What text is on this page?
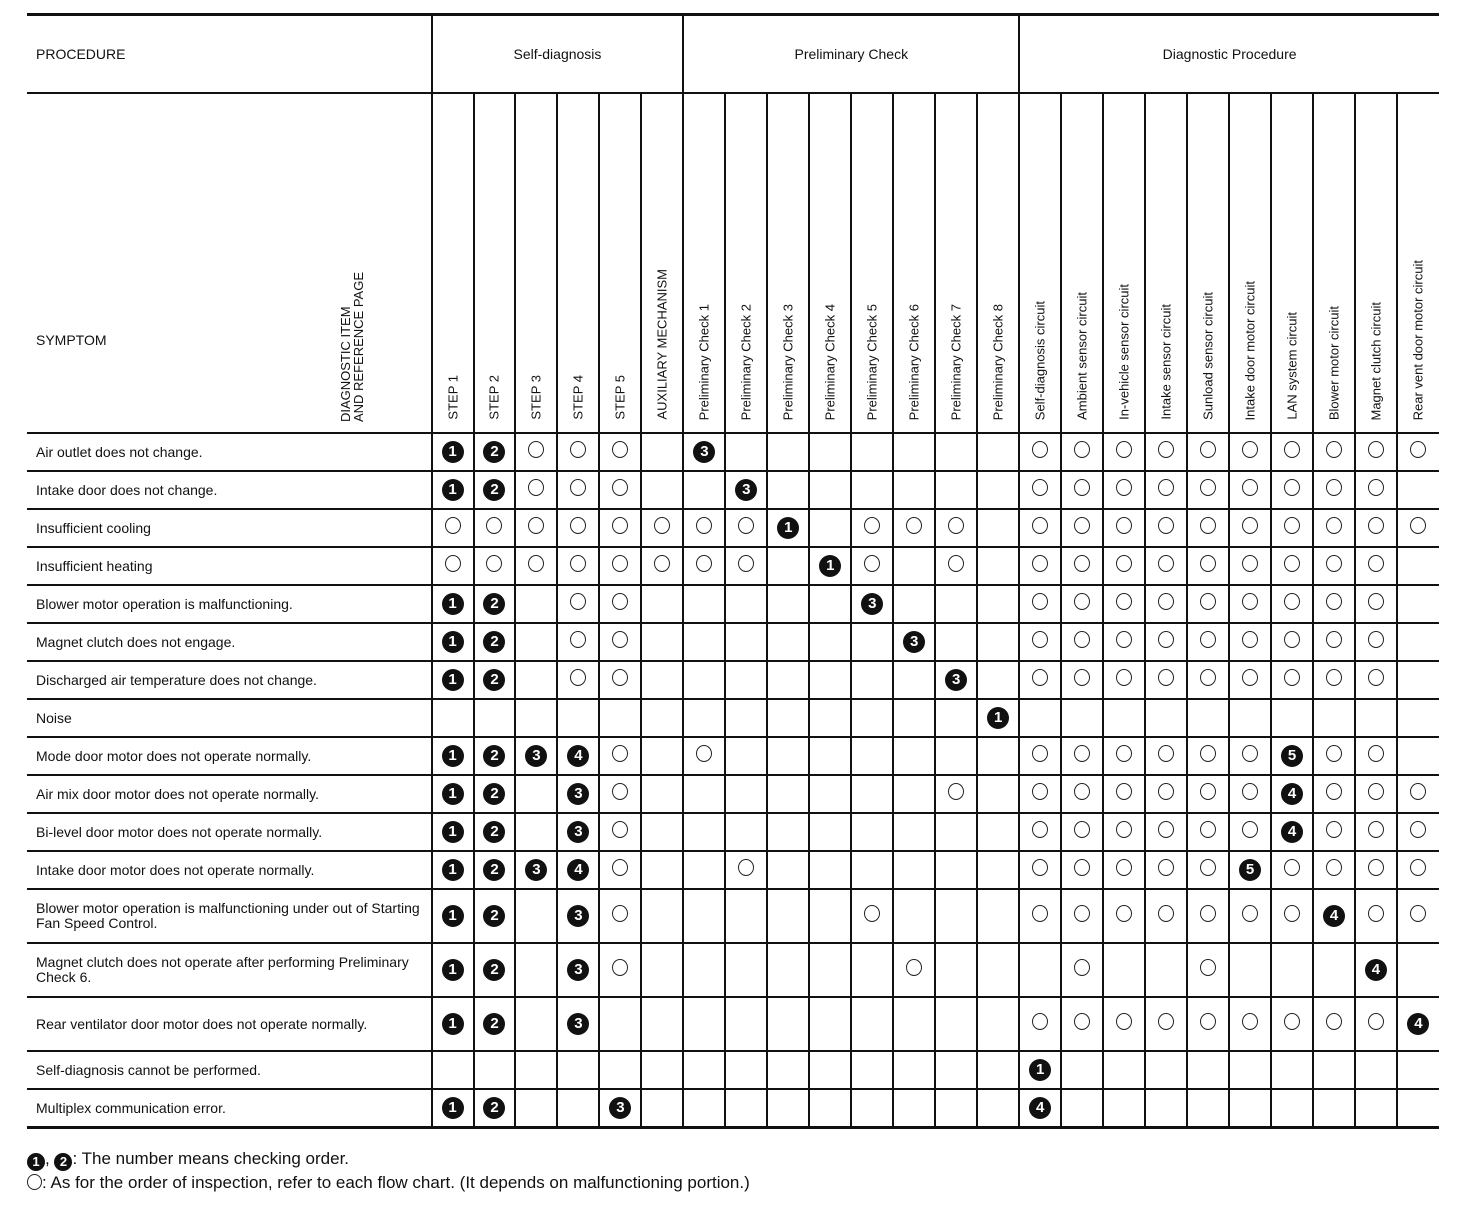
PROCEDURE	Self-diagnosis						Preliminary Check								Diagnostic Procedure									

SYMPTOM
DIAGNOSTIC ITEM
AND REFERENCE PAGE	STEP 1	STEP 2	STEP 3	STEP 4	STEP 5	AUXILIARY MECHANISM	Preliminary Check 1	Preliminary Check 2	Preliminary Check 3	Preliminary Check 4	Preliminary Check 5	Preliminary Check 6	Preliminary Check 7	Preliminary Check 8	Self-diagnosis circuit	Ambient sensor circuit	In-vehicle sensor circuit	Intake sensor circuit	Sunload sensor circuit	Intake door motor circuit	LAN system circuit	Blower motor circuit	Magnet clutch circuit	Rear vent door motor circuit

Air outlet does not change.	1	2					3																	
Intake door does not change.	1	2						3																
Insufficient cooling									1															
Insufficient heating										1														
Blower motor operation is malfunctioning.	1	2									3													
Magnet clutch does not engage.	1	2										3												
Discharged air temperature does not change.	1	2											3											
Noise														1										
Mode door motor does not operate normally.	1	2	3	4																	5			
Air mix door motor does not operate normally.	1	2		3																	4			
Bi-level door motor does not operate normally.	1	2		3																	4			
Intake door motor does not operate normally.	1	2	3	4																5				
Blower motor operation is malfunctioning under out of Starting Fan Speed Control.	1	2		3																		4		
Magnet clutch does not operate after performing Preliminary Check 6.	1	2		3																			4	
Rear ventilator door motor does not operate normally.	1	2		3																				4
Self-diagnosis cannot be performed.															1									
Multiplex communication error.	1	2			3										4									
1 , 2 : The number means checking order.
: As for the order of inspection, refer to each flow chart. (It depends on malfunctioning portion.)
